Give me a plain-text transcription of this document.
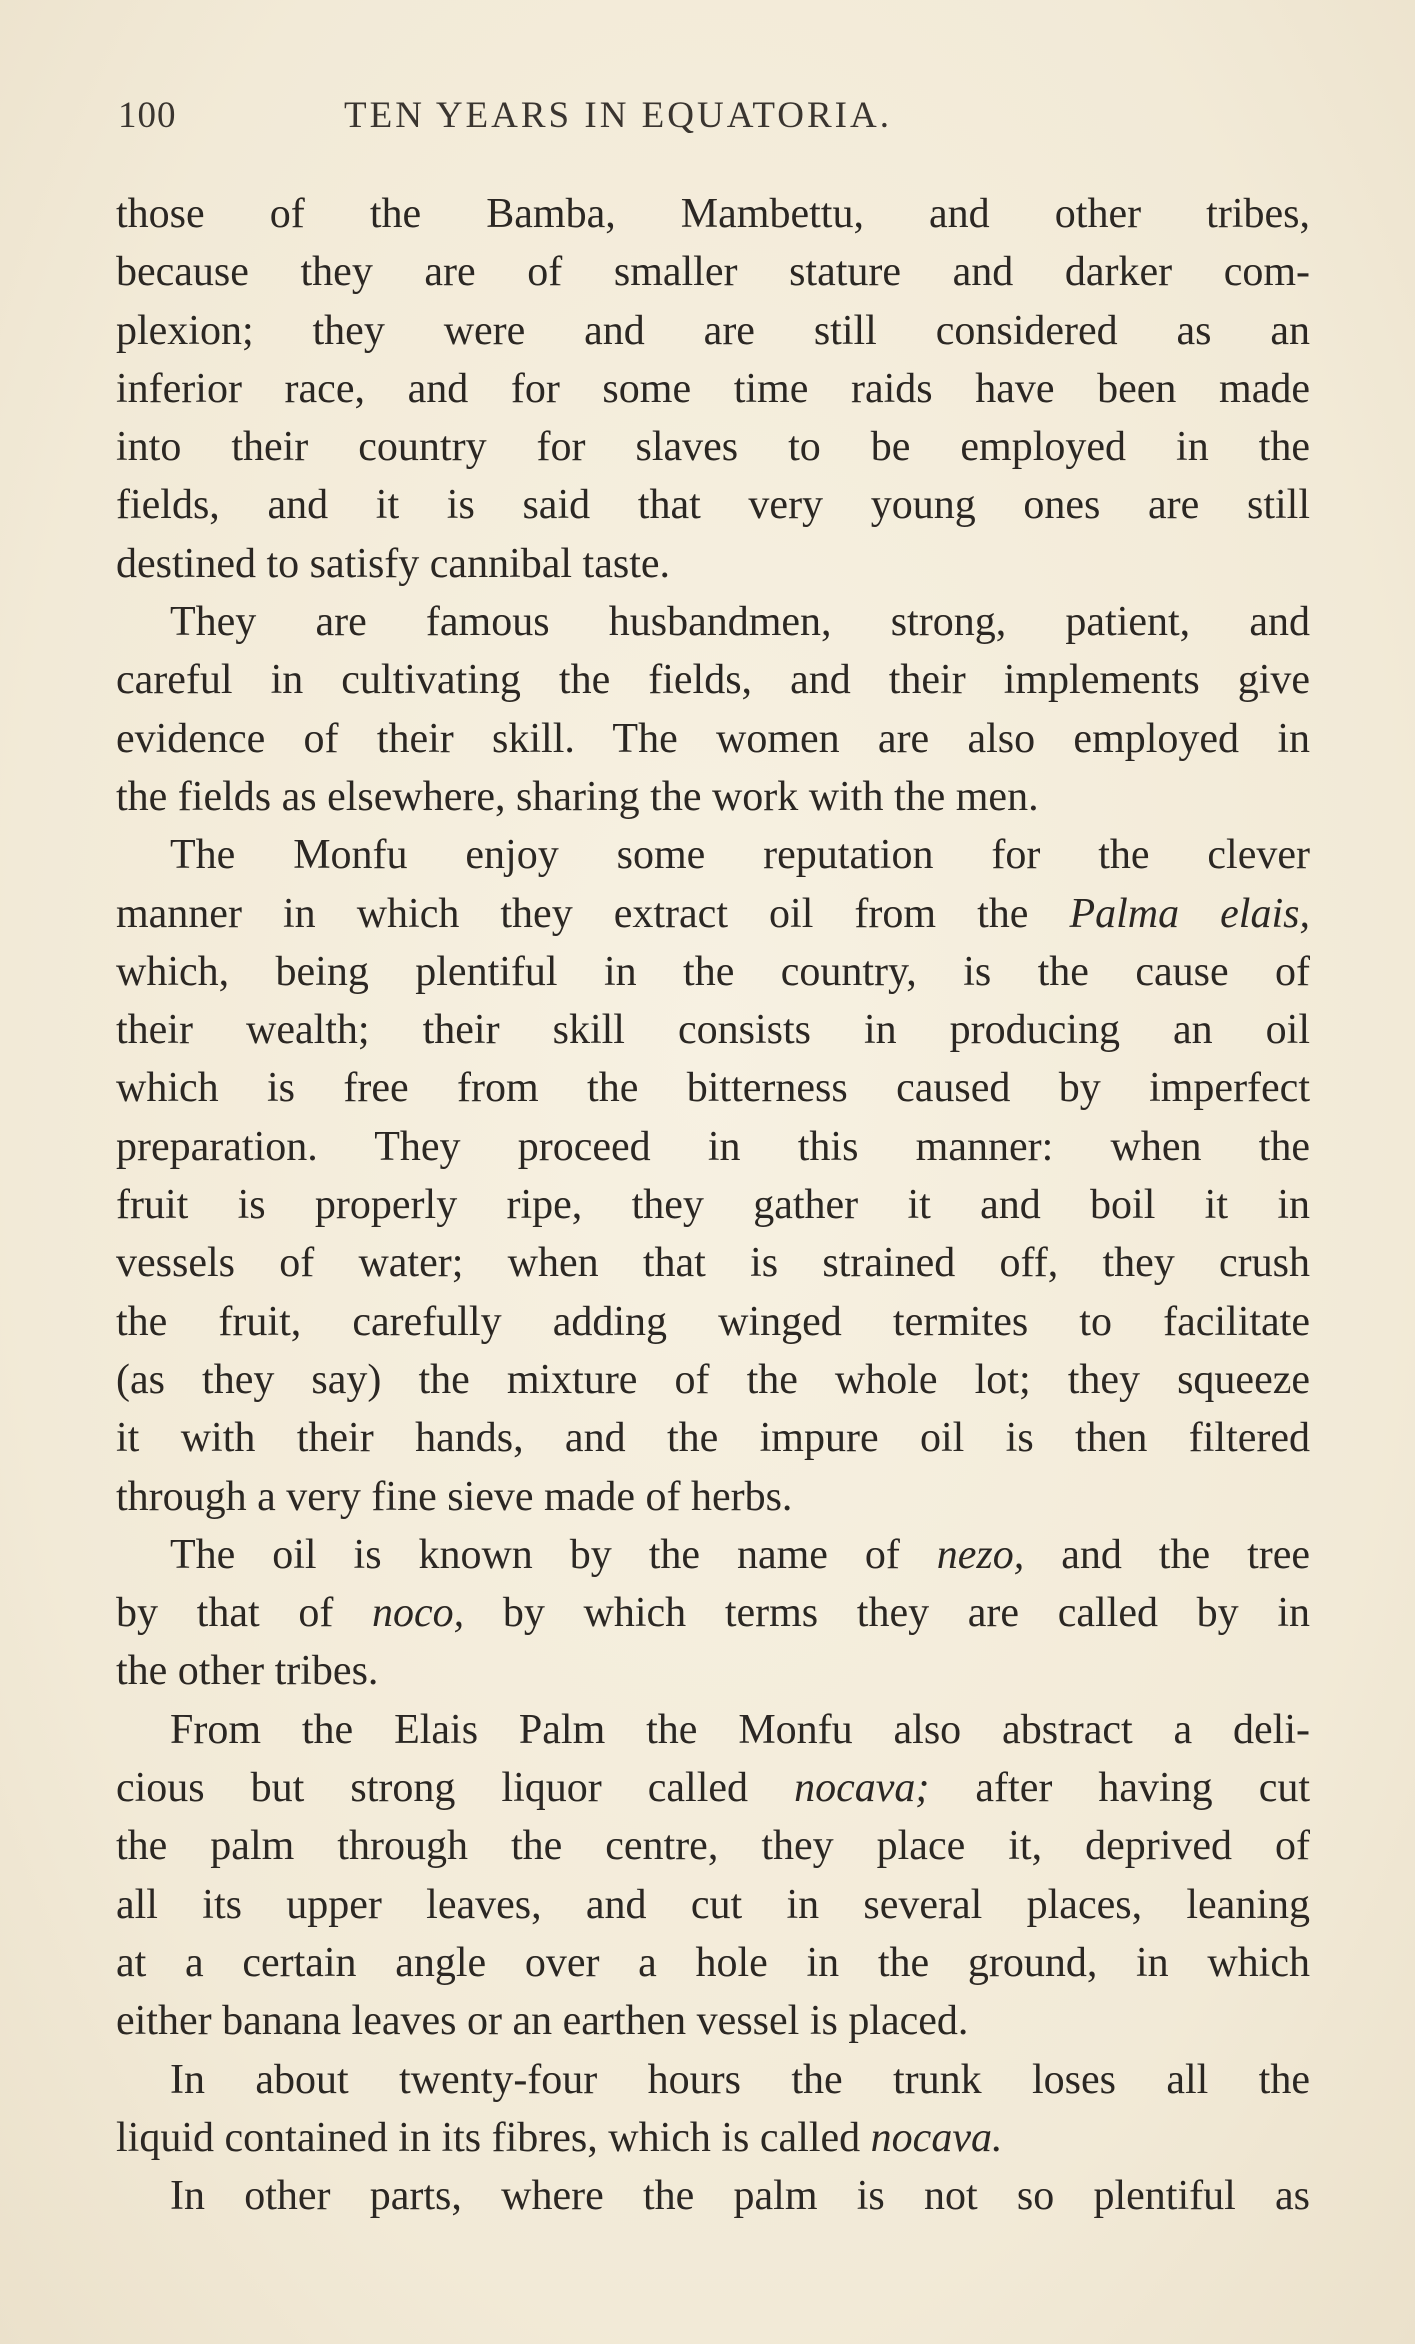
100	TEN YEARS IN EQUATORIA.
those of the Bamba, Mambettu, and other tribes,
because they are of smaller stature and darker com-
plexion; they were and are still considered as an
inferior race, and for some time raids have been made
into their country for slaves to be employed in the
fields, and it is said that very young ones are still
destined to satisfy cannibal taste.
They are famous husbandmen, strong, patient, and
careful in cultivating the fields, and their implements give
evidence of their skill. The women are also employed in
the fields as elsewhere, sharing the work with the men.
The Monfu enjoy some reputation for the clever
manner in which they extract oil from the Palma elais,
which, being plentiful in the country, is the cause of
their wealth; their skill consists in producing an oil
which is free from the bitterness caused by imperfect
preparation. They proceed in this manner: when the
fruit is properly ripe, they gather it and boil it in
vessels of water; when that is strained off, they crush
the fruit, carefully adding winged termites to facilitate
(as they say) the mixture of the whole lot; they squeeze
it with their hands, and the impure oil is then filtered
through a very fine sieve made of herbs.
The oil is known by the name of nezo, and the tree
by that of noco, by which terms they are called by in
the other tribes.
From the Elais Palm the Monfu also abstract a deli-
cious but strong liquor called nocava; after having cut
the palm through the centre, they place it, deprived of
all its upper leaves, and cut in several places, leaning
at a certain angle over a hole in the ground, in which
either banana leaves or an earthen vessel is placed.
In about twenty-four hours the trunk loses all the
liquid contained in its fibres, which is called nocava.
In other parts, where the palm is not so plentiful as
